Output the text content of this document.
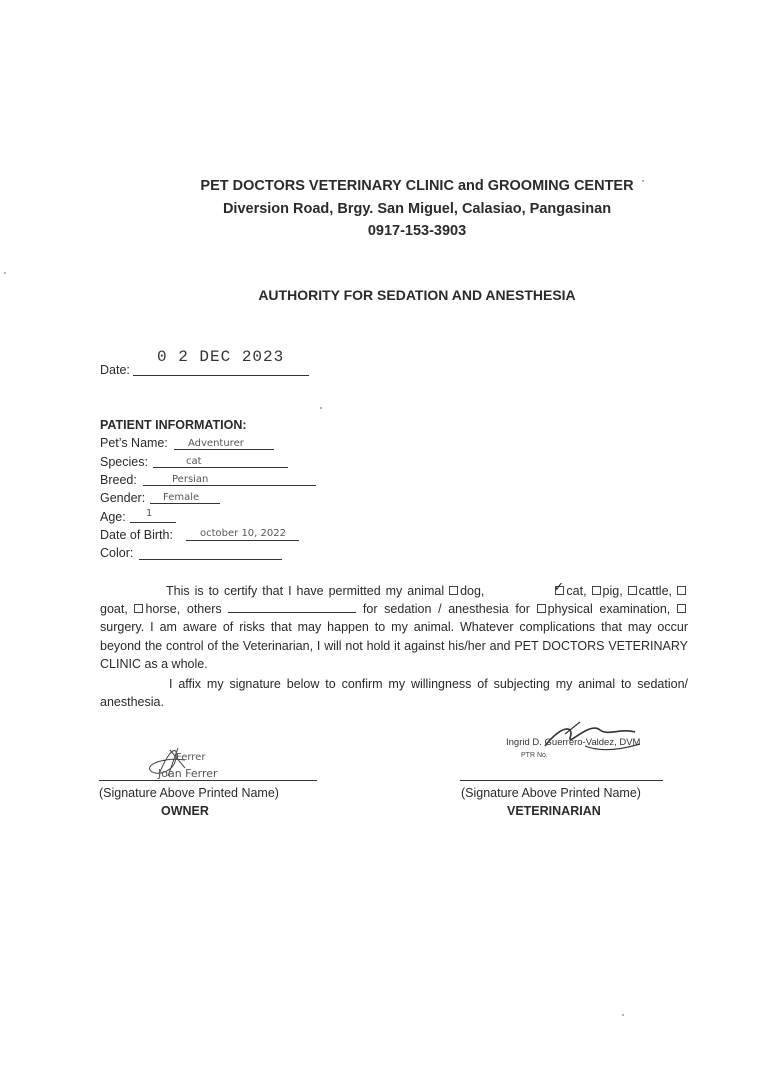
PET DOCTORS VETERINARY CLINIC and GROOMING CENTER
Diversion Road, Brgy. San Miguel, Calasiao, Pangasinan
0917-153-3903
AUTHORITY FOR SEDATION AND ANESTHESIA
Date:
0 2 DEC 2023
PATIENT INFORMATION:
Pet’s Name: Adventurer
Species:	cat
Breed:	Persian
Gender: Female
Age: 1
Date of Birth:	october 10, 2022
Color:
This is to certify that I have permitted my animal dog,	✓ cat, pig, cattle, goat, horse, others	for sedation / anesthesia for physical examination, surgery. I am aware of risks that may happen to my animal. Whatever complications that may occur beyond the control of the Veterinarian, I will not hold it against his/her and PET DOCTORS VETERINARY CLINIC as a whole.
I affix my signature below to confirm my willingness of subjecting my animal to sedation/ anesthesia.
Ferrer
Joan Ferrer
(Signature Above Printed Name)
OWNER
Ingrid D. Guerrero-Valdez, DVM
PTR No.
(Signature Above Printed Name)
VETERINARIAN
